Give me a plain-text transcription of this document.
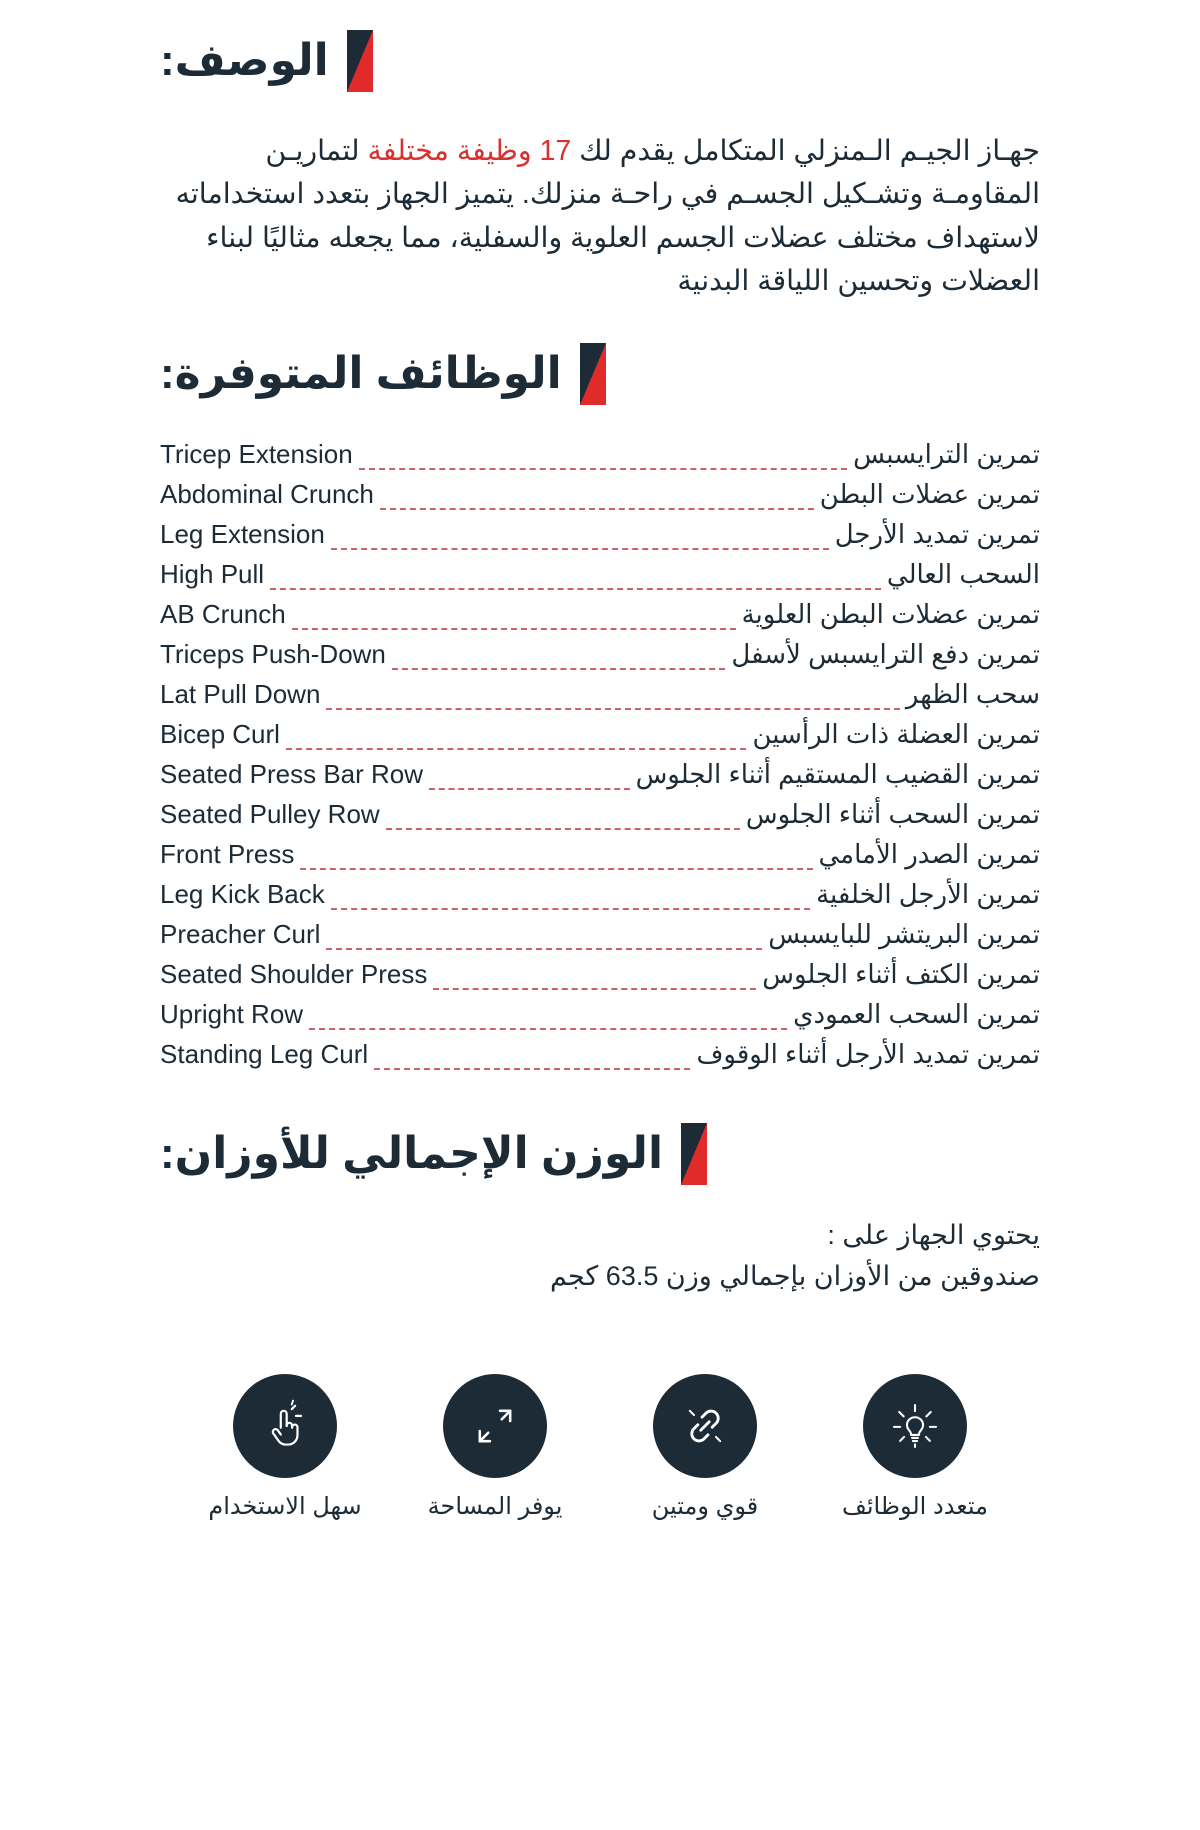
الوصف:

جهـاز الجيـم الـمنزلي المتكامل يقدم لك 17 وظيفة مختلفة لتماريـن المقاومـة وتشـكيل الجسـم في راحـة منزلك. يتميز الجهاز بتعدد استخداماته لاستهداف مختلف عضلات الجسم العلوية والسفلية، مما يجعله مثاليًا لبناء العضلات وتحسين اللياقة البدنية

الوظائف المتوفرة:
تمرين الترايسبس
Tricep Extension
تمرين عضلات البطن
Abdominal Crunch
تمرين تمديد الأرجل
Leg Extension
السحب العالي
High Pull
تمرين عضلات البطن العلوية
AB Crunch
تمرين دفع الترايسبس لأسفل
Triceps Push-Down
سحب الظهر
Lat Pull Down
تمرين العضلة ذات الرأسين
Bicep Curl
تمرين القضيب المستقيم أثناء الجلوس
Seated Press Bar Row
تمرين السحب أثناء الجلوس
Seated Pulley Row
تمرين الصدر الأمامي
Front Press
تمرين الأرجل الخلفية
Leg Kick Back
تمرين البريتشر للبايسبس
Preacher Curl
تمرين الكتف أثناء الجلوس
Seated Shoulder Press
تمرين السحب العمودي
Upright Row
تمرين تمديد الأرجل أثناء الوقوف
Standing Leg Curl
الوزن الإجمالي للأوزان:
يحتوي الجهاز على :
صندوقين من الأوزان بإجمالي وزن 63.5 كجم
متعدد الوظائف
قوي ومتين
يوفر المساحة
سهل الاستخدام
